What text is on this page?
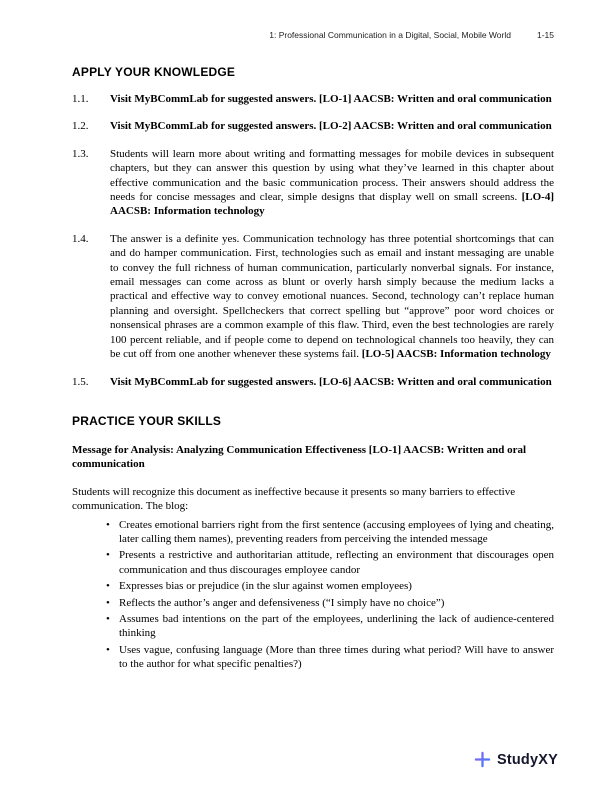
1: Professional Communication in a Digital, Social, Mobile World	1-15
APPLY YOUR KNOWLEDGE
1.1.	Visit MyBCommLab for suggested answers. [LO-1] AACSB: Written and oral communication
1.2.	Visit MyBCommLab for suggested answers. [LO-2] AACSB: Written and oral communication
1.3.	Students will learn more about writing and formatting messages for mobile devices in subsequent chapters, but they can answer this question by using what they’ve learned in this chapter about effective communication and the basic communication process. Their answers should address the needs for concise messages and clear, simple designs that display well on small screens. [LO-4] AACSB: Information technology
1.4.	The answer is a definite yes. Communication technology has three potential shortcomings that can and do hamper communication. First, technologies such as email and instant messaging are unable to convey the full richness of human communication, particularly nonverbal signals. For instance, email messages can come across as blunt or overly harsh simply because the medium lacks a practical and effective way to convey emotional nuances. Second, technology can’t replace human planning and oversight. Spellcheckers that correct spelling but “approve” poor word choices or nonsensical phrases are a common example of this flaw. Third, even the best technologies are rarely 100 percent reliable, and if people come to depend on technological channels too heavily, they can be cut off from one another whenever these systems fail. [LO-5] AACSB: Information technology
1.5.	Visit MyBCommLab for suggested answers. [LO-6] AACSB: Written and oral communication
PRACTICE YOUR SKILLS

Message for Analysis: Analyzing Communication Effectiveness [LO-1] AACSB: Written and oral communication

Students will recognize this document as ineffective because it presents so many barriers to effective communication. The blog:

• Creates emotional barriers right from the first sentence (accusing employees of lying and cheating, later calling them names), preventing readers from perceiving the intended message
• Presents a restrictive and authoritarian attitude, reflecting an environment that discourages open communication and thus discourages employee candor
• Expresses bias or prejudice (in the slur against women employees)
• Reflects the author’s anger and defensiveness (“I simply have no choice”)
• Assumes bad intentions on the part of the employees, underlining the lack of audience-centered thinking
• Uses vague, confusing language (More than three times during what period? Will have to answer to the author for what specific penalties?)
StudyXY
